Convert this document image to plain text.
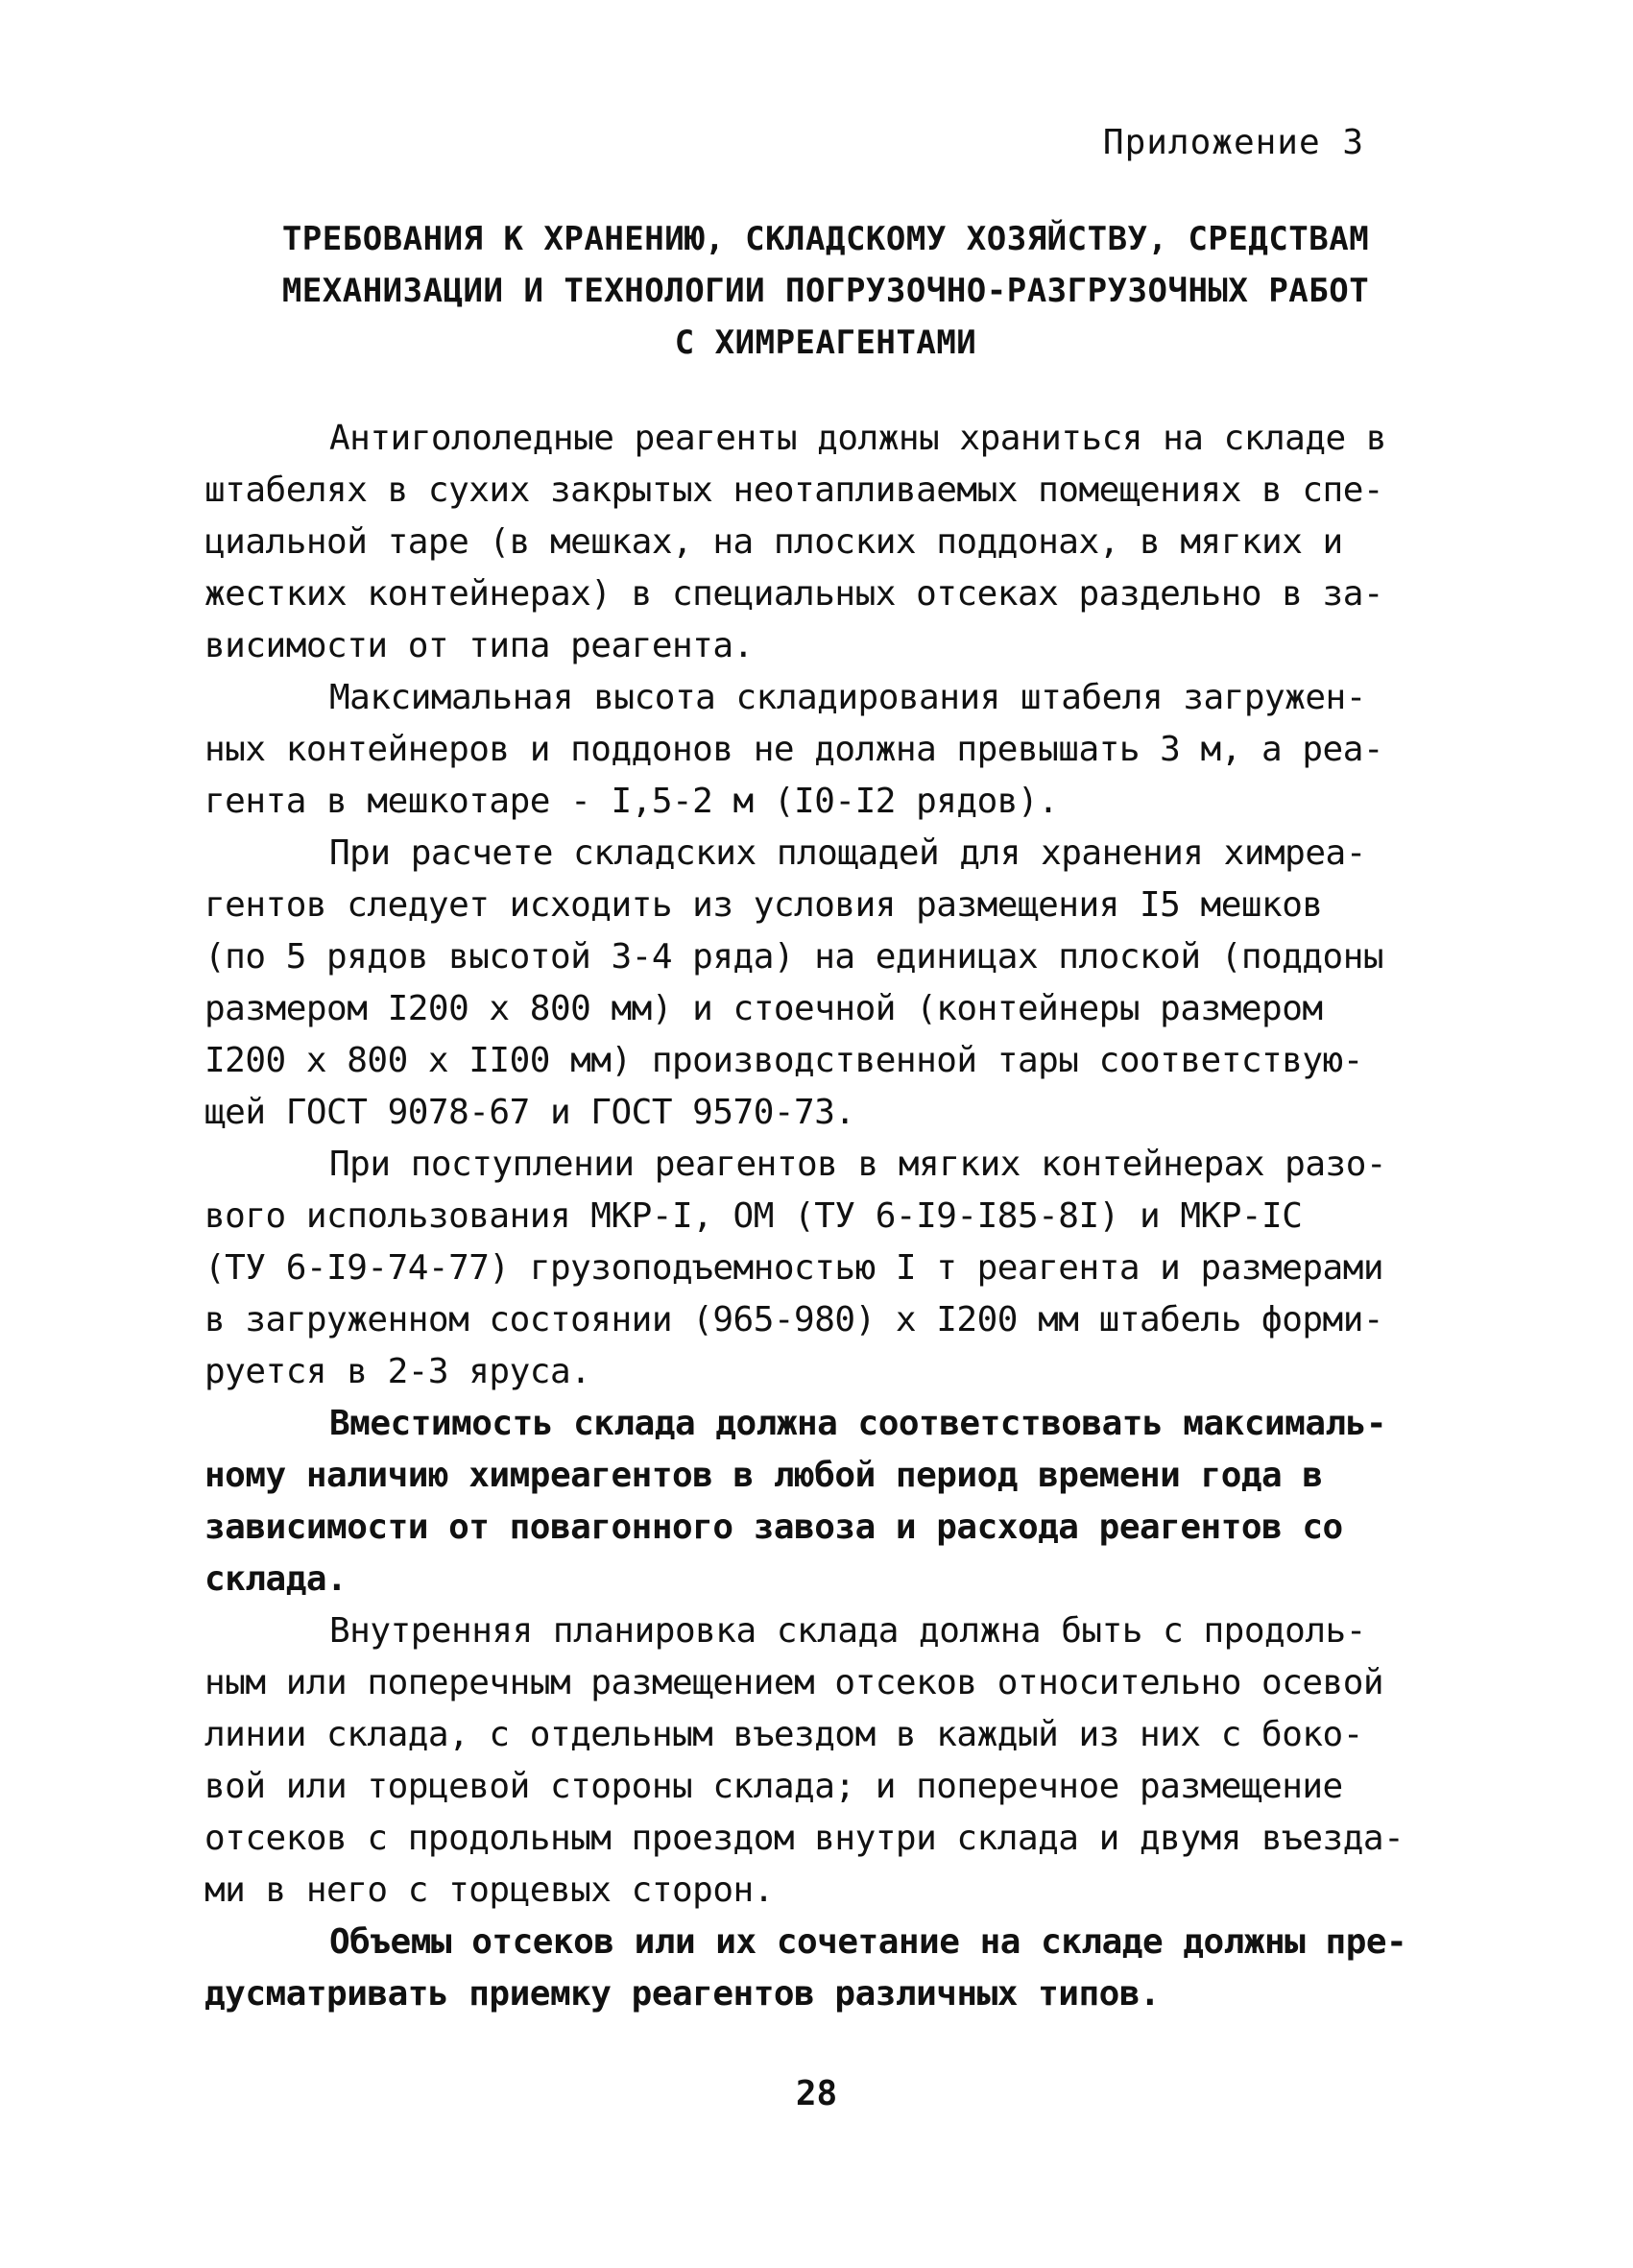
Приложение 3
ТРЕБОВАНИЯ К ХРАНЕНИЮ, СКЛАДСКОМУ ХОЗЯЙСТВУ, СРЕДСТВАМ
МЕХАНИЗАЦИИ И ТЕХНОЛОГИИ ПОГРУЗОЧНО-РАЗГРУЗОЧНЫХ РАБОТ
С ХИМРЕАГЕНТАМИ
Антигололедные реагенты должны храниться на складе в
штабелях в сухих закрытых неотапливаемых помещениях в спе-
циальной таре (в мешках, на плоских поддонах, в мягких и
жестких контейнерах) в специальных отсеках раздельно в за-
висимости от типа реагента.
Максимальная высота складирования штабеля загружен-
ных контейнеров и поддонов не должна превышать 3 м, а реа-
гента в мешкотаре - I,5-2 м (I0-I2 рядов).
При расчете складских площадей для хранения химреа-
гентов следует исходить из условия размещения I5 мешков
(по 5 рядов высотой 3-4 ряда) на единицах плоской (поддоны
размером I200 х 800 мм) и стоечной (контейнеры размером
I200 х 800 х II00 мм) производственной тары соответствую-
щей ГОСТ 9078-67 и ГОСТ 9570-73.
При поступлении реагентов в мягких контейнерах разо-
вого использования МКР-I, ОМ (ТУ 6-I9-I85-8I) и МКР-IС
(ТУ 6-I9-74-77) грузоподъемностью I т реагента и размерами
в загруженном состоянии (965-980) х I200 мм штабель форми-
руется в 2-3 яруса.
Вместимость склада должна соответствовать максималь-
ному наличию химреагентов в любой период времени года в
зависимости от повагонного завоза и расхода реагентов со
склада.
Внутренняя планировка склада должна быть с продоль-
ным или поперечным размещением отсеков относительно осевой
линии склада, с отдельным въездом в каждый из них с боко-
вой или торцевой стороны склада; и поперечное размещение
отсеков с продольным проездом внутри склада и двумя въезда-
ми в него с торцевых сторон.
Объемы отсеков или их сочетание на складе должны пре-
дусматривать приемку реагентов различных типов.
28
